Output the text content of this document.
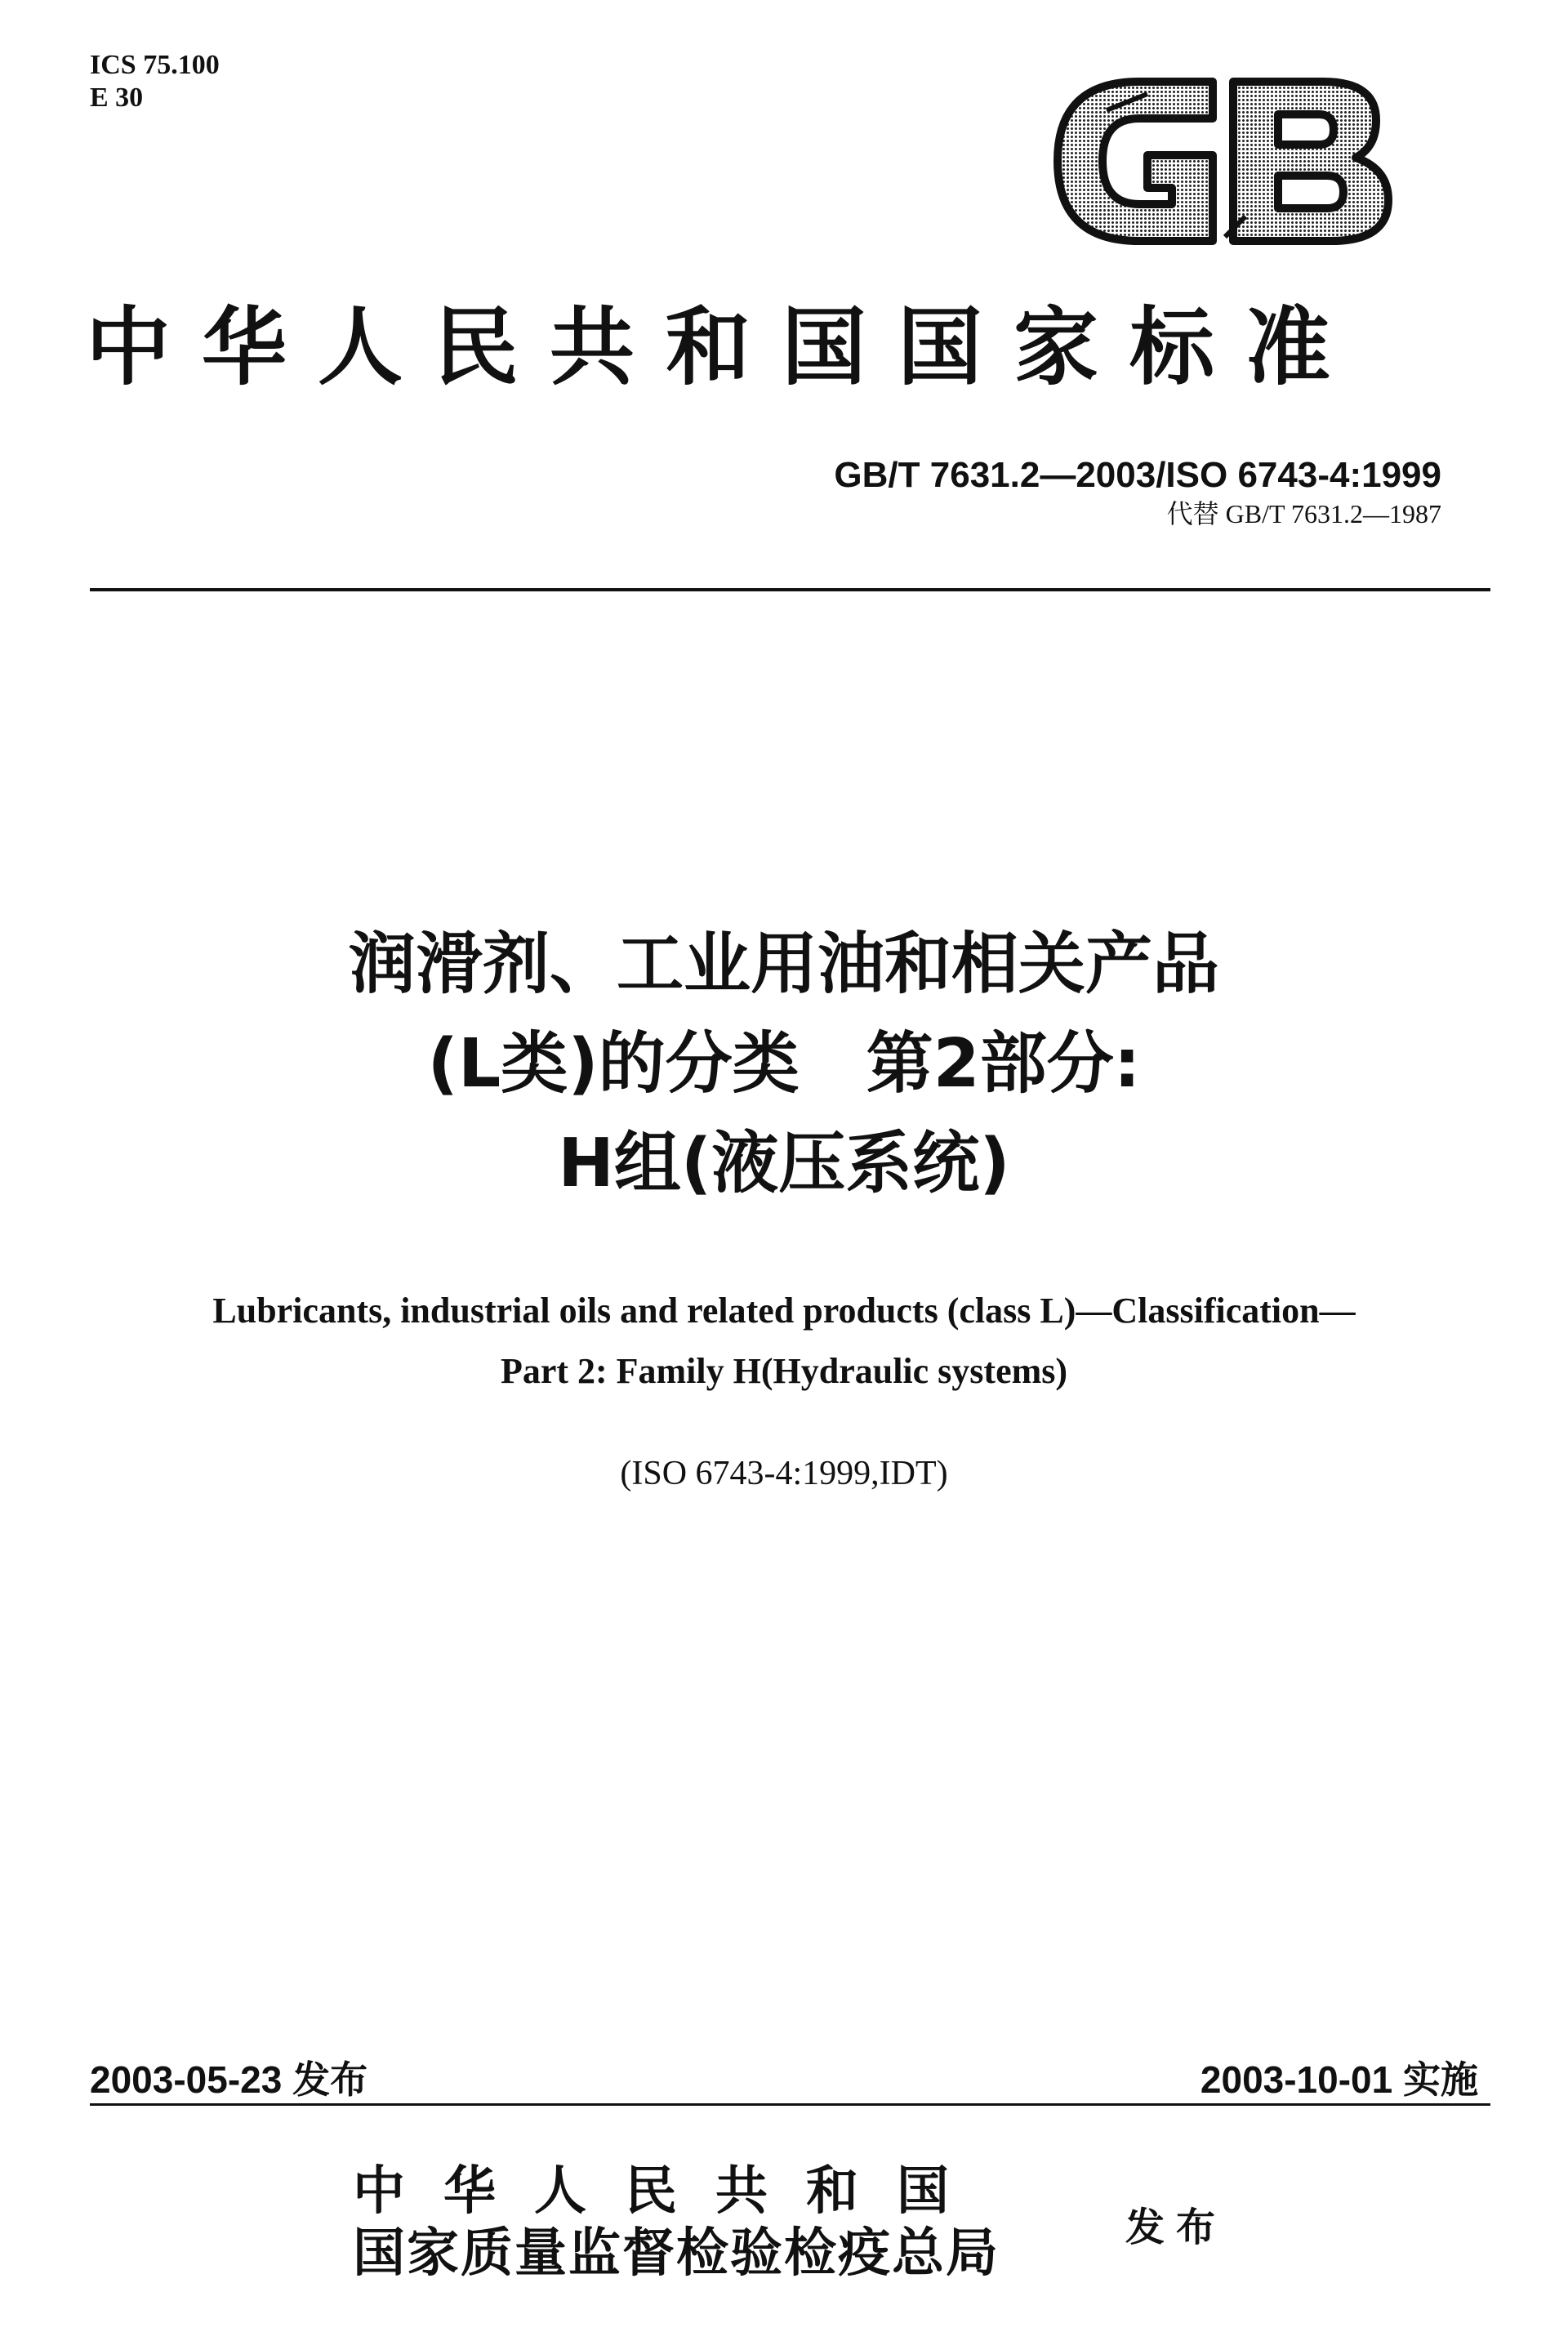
ICS 75.100
E 30
中华人民共和国国家标准
GB/T 7631.2—2003/ISO 6743-4:1999
代替 GB/T 7631.2—1987
润滑剂、工业用油和相关产品
(L类)的分类　第2部分:
H组(液压系统)
Lubricants, industrial oils and related products (class L)—Classification—
Part 2: Family H(Hydraulic systems)
(ISO 6743-4:1999,IDT)
2003-05-23 发布	2003-10-01 实施
中华人民共和国
国家质量监督检验检疫总局	发布
